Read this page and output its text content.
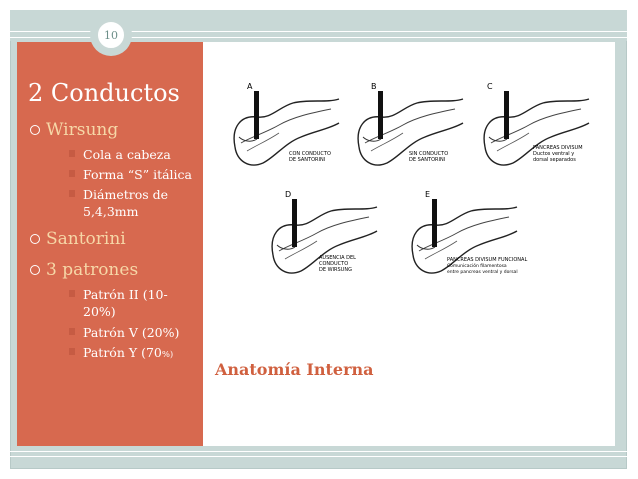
10
2 Conductos
Wirsung
Cola a cabeza
Forma “S” itálica
Diámetros de
5,4,3mm
Santorini
3 patrones
Patrón II (10-
20%)
Patrón V (20%)
Patrón Y (70%)
A
CON CONDUCTO
DE SANTORINI
B
SIN CONDUCTO
DE SANTORINI
C
PANCREAS DIVISUM
Ductos ventral y
dorsal separados
D
AUSENCIA DEL
CONDUCTO
DE WIRSUNG
E
PANCREAS DIVISUM FUNCIONAL
Comunicación filamentosa
entre pancreas ventral y dorsal
Anatomía Interna
